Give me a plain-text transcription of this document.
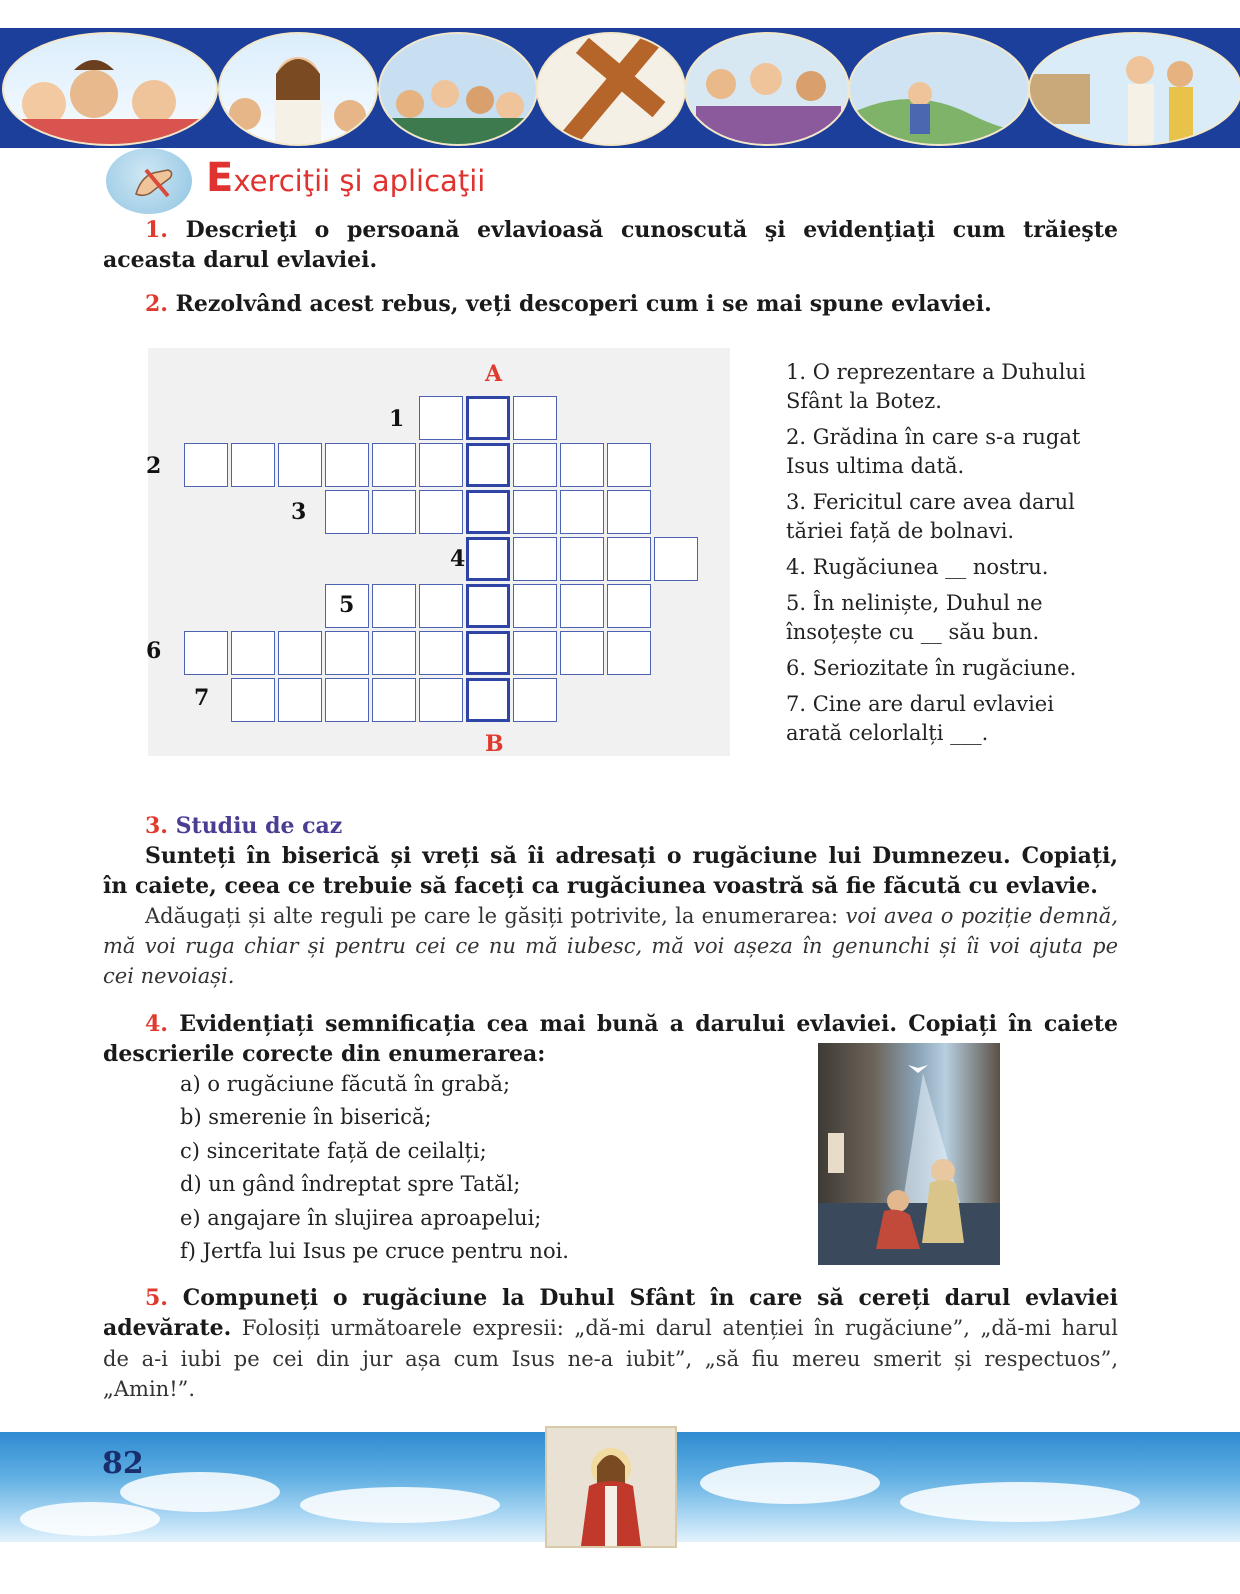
Exerciţii şi aplicaţii
1. Descrieţi o persoană evlavioasă cunoscută şi evidenţiaţi cum trăieşte
aceasta darul evlaviei.
2. Rezolvând acest rebus, veți descoperi cum i se mai spune evlaviei.
A
B
1
2
3
4
5
6
7
1. O reprezentare a Duhului
Sfânt la Botez.
2. Grădina în care s-a rugat
Isus ultima dată.
3. Fericitul care avea darul
tăriei față de bolnavi.
4. Rugăciunea __ nostru.
5. În neliniște, Duhul ne
însoțește cu __ său bun.
6. Seriozitate în rugăciune.
7. Cine are darul evlaviei
arată celorlalți ___.
3. Studiu de caz
Sunteți în biserică și vreți să îi adresați o rugăciune lui Dumnezeu. Copiați,
în caiete, ceea ce trebuie să faceți ca rugăciunea voastră să fie făcută cu evlavie.
Adăugați și alte reguli pe care le găsiți potrivite, la enumerarea: voi avea o poziție demnă,
mă voi ruga chiar și pentru cei ce nu mă iubesc, mă voi așeza în genunchi și îi voi ajuta pe
cei nevoiași.
4. Evidențiați semnificația cea mai bună a darului evlaviei. Copiați în caiete
descrierile corecte din enumerarea:
a) o rugăciune făcută în grabă;
b) smerenie în biserică;
c) sinceritate față de ceilalți;
d) un gând îndreptat spre Tatăl;
e) angajare în slujirea aproapelui;
f) Jertfa lui Isus pe cruce pentru noi.
5. Compuneți o rugăciune la Duhul Sfânt în care să cereți darul evlaviei
adevărate. Folosiți următoarele expresii: „dă-mi darul atenției în rugăciune”, „dă-mi harul
de a-i iubi pe cei din jur așa cum Isus ne-a iubit”, „să fiu mereu smerit și respectuos”,
„Amin!”.
82
